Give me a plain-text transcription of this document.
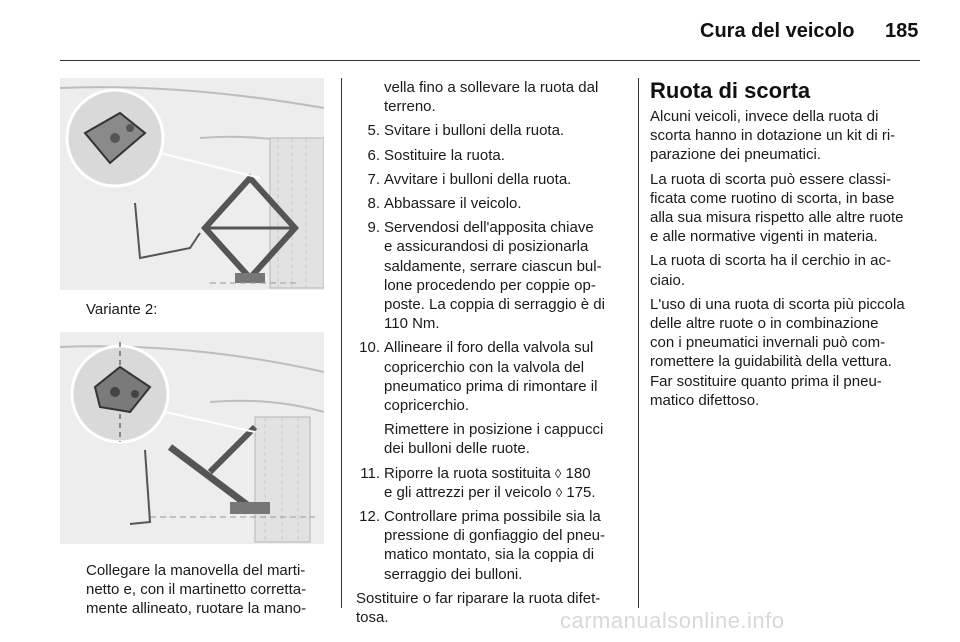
Cura del veicolo 185
Variante 2:
Collegare la manovella del marti-
netto e, con il martinetto corretta-
mente allineato, ruotare la mano-
vella fino a sollevare la ruota dal
terreno.
5. Svitare i bulloni della ruota.
6. Sostituire la ruota.
7. Avvitare i bulloni della ruota.
8. Abbassare il veicolo.
9. Servendosi dell'apposita chiave
e assicurandosi di posizionarla
saldamente, serrare ciascun bul-
lone procedendo per coppie op-
poste. La coppia di serraggio è di
110 Nm.
10. Allineare il foro della valvola sul
copricerchio con la valvola del
pneumatico prima di rimontare il
copricerchio.
Rimettere in posizione i cappucci
dei bulloni delle ruote.
11. Riporre la ruota sostituita ◊ 180
e gli attrezzi per il veicolo ◊ 175.
12. Controllare prima possibile sia la
pressione di gonfiaggio del pneu-
matico montato, sia la coppia di
serraggio dei bulloni.
Sostituire o far riparare la ruota difet-
tosa.
Ruota di scorta

Alcuni veicoli, invece della ruota di
scorta hanno in dotazione un kit di ri-
parazione dei pneumatici.

La ruota di scorta può essere classi-
ficata come ruotino di scorta, in base
alla sua misura rispetto alle altre ruote
e alle normative vigenti in materia.

La ruota di scorta ha il cerchio in ac-
ciaio.

L'uso di una ruota di scorta più piccola
delle altre ruote o in combinazione
con i pneumatici invernali può com-
romettere la guidabilità della vettura.
Far sostituire quanto prima il pneu-
matico difettoso.

carmanualsonline.info
